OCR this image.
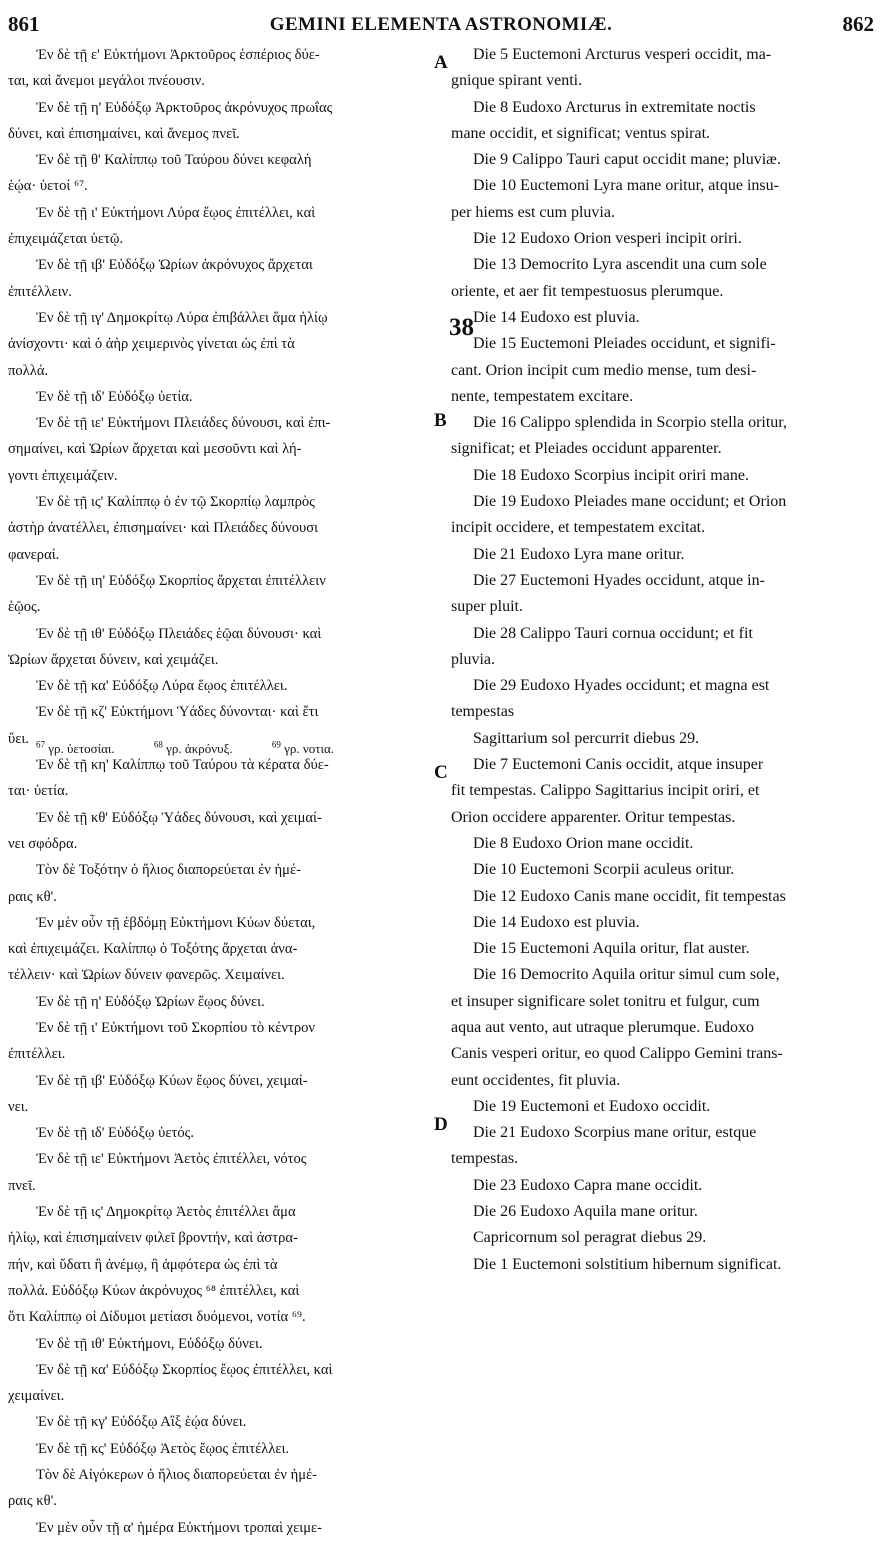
861	GEMINI ELEMENTA ASTRONOMIÆ.	862
Ἐν δὲ τῇ ε' Εὐκτήμονι Ἀρκτοῦρος ἑσπέριος δύε-
ται, καὶ ἄνεμοι μεγάλοι πνέουσιν.
Ἐν δὲ τῇ η' Εὐδόξῳ Ἀρκτοῦρος ἀκρόνυχος πρωΐας
δύνει, καὶ ἐπισημαίνει, καὶ ἄνεμος πνεῖ.
Ἐν δὲ τῇ θ' Καλίππῳ τοῦ Ταύρου δύνει κεφαλὴ
ἑῴα· ὑετοί ⁶⁷.
Ἐν δὲ τῇ ι' Εὐκτήμονι Λύρα ἕῳος ἐπιτέλλει, καὶ
ἐπιχειμάζεται ὑετῷ.
Ἐν δὲ τῇ ιβ' Εὐδόξῳ Ὠρίων ἀκρόνυχος ἄρχεται
ἐπιτέλλειν.
Ἐν δὲ τῇ ιγ' Δημοκρίτῳ Λύρα ἐπιβάλλει ἅμα ἡλίῳ
ἀνίσχοντι· καὶ ὁ ἀὴρ χειμερινὸς γίνεται ὡς ἐπὶ τὰ
πολλά.
Ἐν δὲ τῇ ιδ' Εὐδόξῳ ὑετία.
Ἐν δὲ τῇ ιε' Εὐκτήμονι Πλειάδες δύνουσι, καὶ ἐπι-
σημαίνει, καὶ Ὠρίων ἄρχεται καὶ μεσοῦντι καὶ λή-
γοντι ἐπιχειμάζειν.
Ἐν δὲ τῇ ις' Καλίππῳ ὁ ἐν τῷ Σκορπίῳ λαμπρὸς
ἀστὴρ ἀνατέλλει, ἐπισημαίνει· καὶ Πλειάδες δύνουσι
φανεραί.
Ἐν δὲ τῇ ιη' Εὐδόξῳ Σκορπίος ἄρχεται ἐπιτέλλειν
ἑῷος.
Ἐν δὲ τῇ ιθ' Εὐδόξῳ Πλειάδες ἑῷαι δύνουσι· καὶ
Ὠρίων ἄρχεται δύνειν, καὶ χειμάζει.
Ἐν δὲ τῇ κα' Εὐδόξῳ Λύρα ἕῳος ἐπιτέλλει.
Ἐν δὲ τῇ κζ' Εὐκτήμονι Ὑάδες δύνονται· καὶ ἔτι
ὕει.
Ἐν δὲ τῇ κη' Καλίππῳ τοῦ Ταύρου τὰ κέρατα δύε-
ται· ὑετία.
Ἐν δὲ τῇ κθ' Εὐδόξῳ Ὑάδες δύνουσι, καὶ χειμαί-
νει σφόδρα.
Τὸν δὲ Τοξότην ὁ ἥλιος διαπορεύεται ἐν ἡμέ-
ραις κθ'.
Ἐν μὲν οὖν τῇ ἑβδόμῃ Εὐκτήμονι Κύων δύεται,
καὶ ἐπιχειμάζει. Καλίππῳ ὁ Τοξότης ἄρχεται ἀνα-
τέλλειν· καὶ Ὠρίων δύνειν φανερῶς. Χειμαίνει.
Ἐν δὲ τῇ η' Εὐδόξῳ Ὠρίων ἕῳος δύνει.
Ἐν δὲ τῇ ι' Εὐκτήμονι τοῦ Σκορπίου τὸ κέντρον
ἐπιτέλλει.
Ἐν δὲ τῇ ιβ' Εὐδόξῳ Κύων ἕῳος δύνει, χειμαί-
νει.
Ἐν δὲ τῇ ιδ' Εὐδόξῳ ὑετός.
Ἐν δὲ τῇ ιε' Εὐκτήμονι Ἀετὸς ἐπιτέλλει, νότος
πνεῖ.
Ἐν δὲ τῇ ις' Δημοκρίτῳ Ἀετὸς ἐπιτέλλει ἅμα
ἡλίῳ, καὶ ἐπισημαίνειν φιλεῖ βροντήν, καὶ ἀστρα-
πήν, καὶ ὕδατι ἢ ἀνέμῳ, ἢ ἀμφότερα ὡς ἐπὶ τὰ
πολλά. Εὐδόξῳ Κύων ἀκρόνυχος ⁶⁸ ἐπιτέλλει, καὶ
ὅτι Καλίππῳ οἱ Δίδυμοι μετίασι δυόμενοι, νοτία ⁶⁹.
Ἐν δὲ τῇ ιθ' Εὐκτήμονι, Εὐδόξῳ δύνει.
Ἐν δὲ τῇ κα' Εὐδόξῳ Σκορπίος ἕῳος ἐπιτέλλει, καὶ
χειμαίνει.
Ἐν δὲ τῇ κγ' Εὐδόξῳ Αἲξ ἑῴα δύνει.
Ἐν δὲ τῇ κς' Εὐδόξῳ Ἀετὸς ἕῳος ἐπιτέλλει.
Τὸν δὲ Αἰγόκερων ὁ ἥλιος διαπορεύεται ἐν ἡμέ-
ραις κθ'.
Ἐν μὲν οὖν τῇ α' ἡμέρα Εὐκτήμονι τροπαὶ χειμε-
Die 5 Euctemoni Arcturus vesperi occidit, ma-
gnique spirant venti.
Die 8 Eudoxo Arcturus in extremitate noctis
mane occidit, et significat; ventus spirat.
Die 9 Calippo Tauri caput occidit mane; pluviæ.
Die 10 Euctemoni Lyra mane oritur, atque insu-
per hiems est cum pluvia.
Die 12 Eudoxo Orion vesperi incipit oriri.
Die 13 Democrito Lyra ascendit una cum sole
oriente, et aer fit tempestuosus plerumque.
Die 14 Eudoxo est pluvia.
Die 15 Euctemoni Pleiades occidunt, et signifi-
cant. Orion incipit cum medio mense, tum desi-
nente, tempestatem excitare.
Die 16 Calippo splendida in Scorpio stella oritur,
significat; et Pleiades occidunt apparenter.
Die 18 Eudoxo Scorpius incipit oriri mane.
Die 19 Eudoxo Pleiades mane occidunt; et Orion
incipit occidere, et tempestatem excitat.
Die 21 Eudoxo Lyra mane oritur.
Die 27 Euctemoni Hyades occidunt, atque in-
super pluit.
Die 28 Calippo Tauri cornua occidunt; et fit
pluvia.
Die 29 Eudoxo Hyades occidunt; et magna est
tempestas
Sagittarium sol percurrit diebus 29.
Die 7 Euctemoni Canis occidit, atque insuper
fit tempestas. Calippo Sagittarius incipit oriri, et
Orion occidere apparenter. Oritur tempestas.
Die 8 Eudoxo Orion mane occidit.
Die 10 Euctemoni Scorpii aculeus oritur.
Die 12 Eudoxo Canis mane occidit, fit tempestas
Die 14 Eudoxo est pluvia.
Die 15 Euctemoni Aquila oritur, flat auster.
Die 16 Democrito Aquila oritur simul cum sole,
et insuper significare solet tonitru et fulgur, cum
aqua aut vento, aut utraque plerumque. Eudoxo
Canis vesperi oritur, eo quod Calippo Gemini trans-
eunt occidentes, fit pluvia.
Die 19 Euctemoni et Eudoxo occidit.
Die 21 Eudoxo Scorpius mane oritur, estque
tempestas.
Die 23 Eudoxo Capra mane occidit.
Die 26 Eudoxo Aquila mane oritur.
Capricornum sol peragrat diebus 29.
Die 1 Euctemoni solstitium hibernum significat.
A
B
C
D
38
$^{67}$ γρ. ὑετοσίαι.	$^{68}$ γρ. ἀκρόνυξ.	$^{69}$ γρ. νοτια.
